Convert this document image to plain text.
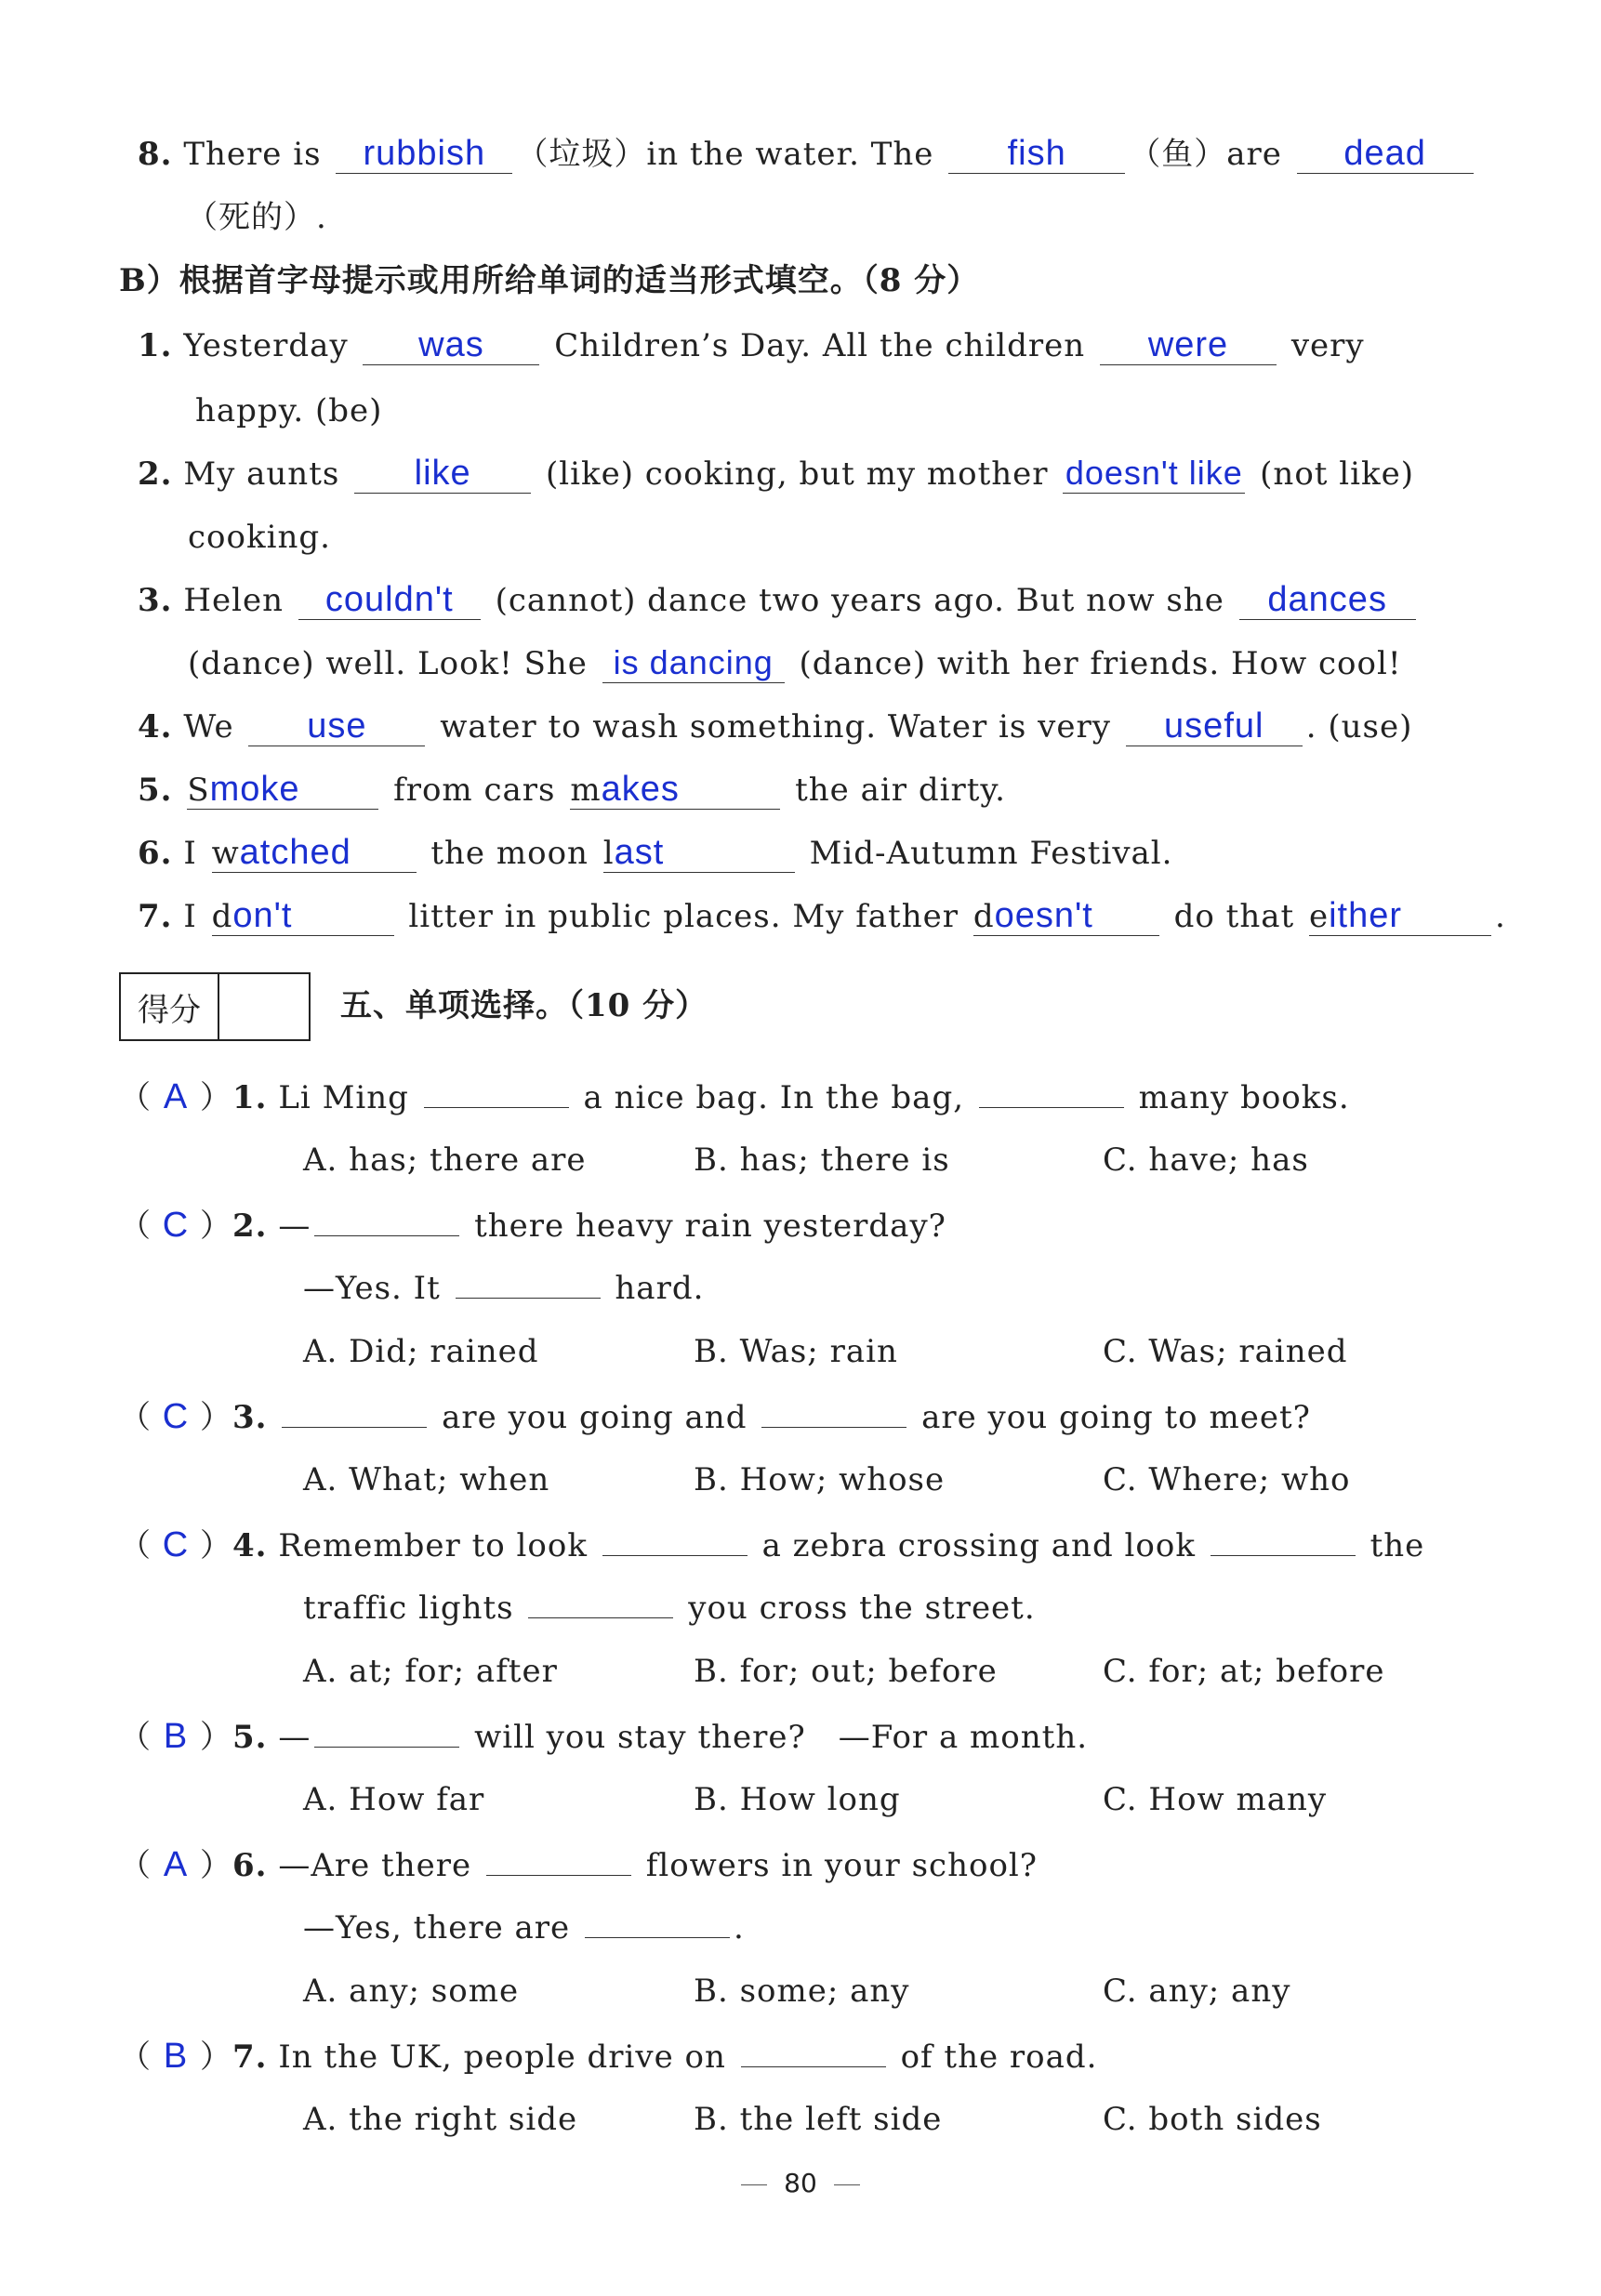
8. There is rubbish （垃圾）in the water. The fish （鱼）are dead
（死的）.
B）根据首字母提示或用所给单词的适当形式填空。（8 分）
1. Yesterday was Children’s Day. All the children were very
happy. (be)
2. My aunts like (like) cooking, but my mother doesn't like (not like)
cooking.
3. Helen couldn't (cannot) dance two years ago. But now she dances
(dance) well. Look! She is dancing (dance) with her friends. How cool!
4. We use water to wash something. Water is very useful . (use)
5. Smoke	from cars makes	the air dirty.
6. I watched	the moon last	Mid-Autumn Festival.
7. I don't	litter in public places. My father doesn't	do that either	.
得分	五、单项选择。（10 分）
（ A ）1. Li Ming	a nice bag. In the bag,	many books.
A. has; there are	B. has; there is	C. have; has
（ C ）2. —	there heavy rain yesterday?
—Yes. It	hard.
A. Did; rained	B. Was; rain	C. Was; rained
（ C ）3.	are you going and	are you going to meet?
A. What; when	B. How; whose	C. Where; who
（ C ）4. Remember to look	a zebra crossing and look	the
traffic lights	you cross the street.
A. at; for; after	B. for; out; before	C. for; at; before
（ B ）5. —	will you stay there?　—For a month.
A. How far	B. How long	C. How many
（ A ）6. —Are there	flowers in your school?
—Yes, there are	.
A. any; some	B. some; any	C. any; any
（ B ）7. In the UK, people drive on	of the road.
A. the right side	B. the left side	C. both sides
80
